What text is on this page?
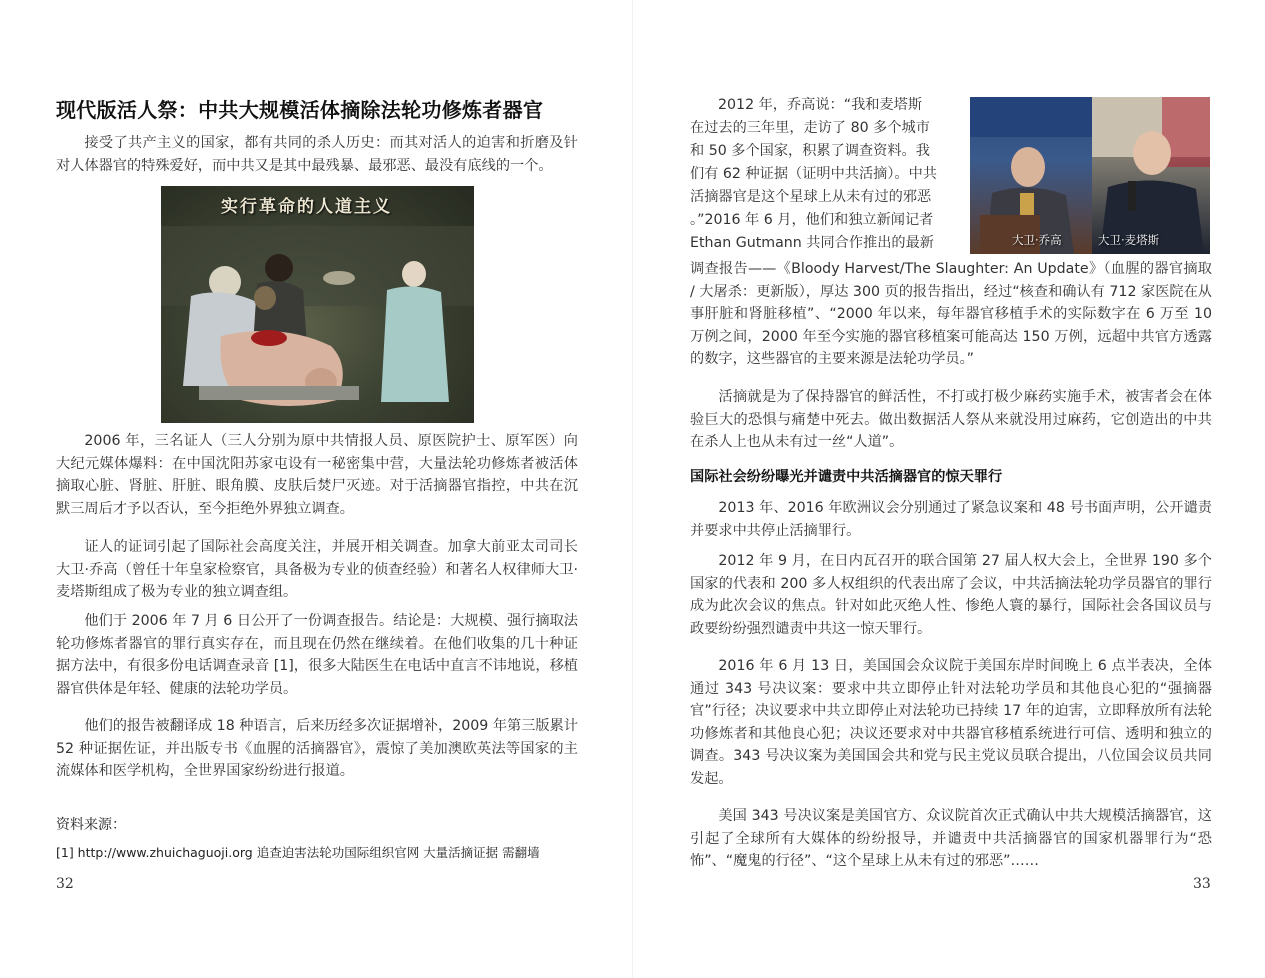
现代版活人祭：中共大规模活体摘除法轮功修炼者器官

接受了共产主义的国家，都有共同的杀人历史：而其对活人的迫害和折磨及针对人体器官的特殊爱好，而中共又是其中最残暴、最邪恶、最没有底线的一个。

实行革命的人道主义

2006 年，三名证人（三人分别为原中共情报人员、原医院护士、原军医）向大纪元媒体爆料：在中国沈阳苏家屯设有一秘密集中营，大量法轮功修炼者被活体摘取心脏、肾脏、肝脏、眼角膜、皮肤后焚尸灭迹。对于活摘器官指控，中共在沉默三周后才予以否认，至今拒绝外界独立调查。

证人的证词引起了国际社会高度关注，并展开相关调查。加拿大前亚太司司长大卫·乔高（曾任十年皇家检察官，具备极为专业的侦查经验）和著名人权律师大卫·麦塔斯组成了极为专业的独立调查组。

他们于 2006 年 7 月 6 日公开了一份调查报告。结论是：大规模、强行摘取法轮功修炼者器官的罪行真实存在，而且现在仍然在继续着。在他们收集的几十种证据方法中，有很多份电话调查录音 [1]，很多大陆医生在电话中直言不讳地说，移植器官供体是年轻、健康的法轮功学员。

他们的报告被翻译成 18 种语言，后来历经多次证据增补，2009 年第三版累计 52 种证据佐证，并出版专书《血腥的活摘器官》，震惊了美加澳欧英法等国家的主流媒体和医学机构，全世界国家纷纷进行报道。

资料来源：
[1] http://www.zhuichaguoji.org 追查迫害法轮功国际组织官网 大量活摘证据 需翻墙
32
2012 年，乔高说：“我和麦塔斯
在过去的三年里，走访了 80 多个城市
和 50 多个国家，积累了调查资料。我
们有 62 种证据（证明中共活摘）。中共
活摘器官是这个星球上从未有过的邪恶
。”2016 年 6 月，他们和独立新闻记者
Ethan Gutmann 共同合作推出的最新	大卫·乔高	大卫·麦塔斯

调查报告——《Bloody Harvest/The Slaughter: An Update》（血腥的器官摘取 / 大屠杀：更新版），厚达 300 页的报告指出，经过“核查和确认有 712 家医院在从事肝脏和肾脏移植”、“2000 年以来，每年器官移植手术的实际数字在 6 万至 10 万例之间，2000 年至今实施的器官移植案可能高达 150 万例，远超中共官方透露的数字，这些器官的主要来源是法轮功学员。”

活摘就是为了保持器官的鲜活性，不打或打极少麻药实施手术，被害者会在体验巨大的恐惧与痛楚中死去。做出数据活人祭从来就没用过麻药，它创造出的中共在杀人上也从未有过一丝“人道”。

国际社会纷纷曝光并谴责中共活摘器官的惊天罪行

2013 年、2016 年欧洲议会分别通过了紧急议案和 48 号书面声明，公开谴责并要求中共停止活摘罪行。

2012 年 9 月，在日内瓦召开的联合国第 27 届人权大会上，全世界 190 多个国家的代表和 200 多人权组织的代表出席了会议，中共活摘法轮功学员器官的罪行成为此次会议的焦点。针对如此灭绝人性、惨绝人寰的暴行，国际社会各国议员与政要纷纷强烈谴责中共这一惊天罪行。

2016 年 6 月 13 日，美国国会众议院于美国东岸时间晚上 6 点半表决，全体通过 343 号决议案：要求中共立即停止针对法轮功学员和其他良心犯的“强摘器官”行径；决议要求中共立即停止对法轮功已持续 17 年的迫害，立即释放所有法轮功修炼者和其他良心犯；决议还要求对中共器官移植系统进行可信、透明和独立的调查。343 号决议案为美国国会共和党与民主党议员联合提出，八位国会议员共同发起。

美国 343 号决议案是美国官方、众议院首次正式确认中共大规模活摘器官，这引起了全球所有大媒体的纷纷报导，并谴责中共活摘器官的国家机器罪行为“恐怖”、“魔鬼的行径”、“这个星球上从未有过的邪恶”……

33
